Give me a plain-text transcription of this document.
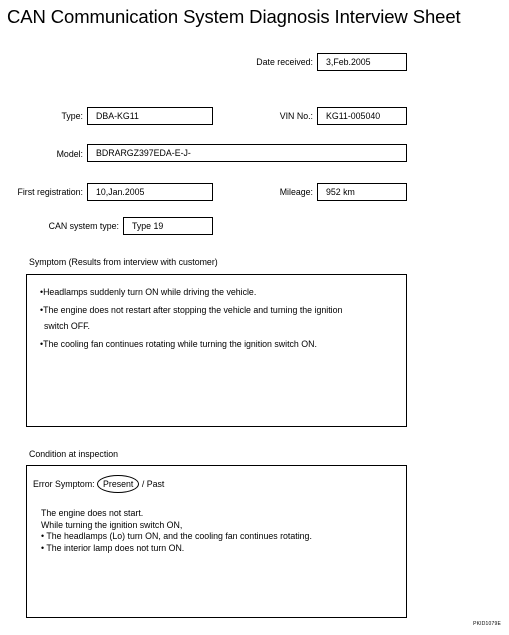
CAN Communication System Diagnosis Interview Sheet
Date received:	3,Feb.2005
Type:	DBA-KG11	VIN No.:	KG11-005040
Model:	BDRARGZ397EDA-E-J-
First registration:	10,Jan.2005	Mileage:	952 km
CAN system type:	Type 19
Symptom (Results from interview with customer)
•Headlamps suddenly turn ON while driving the vehicle.
•The engine does not restart after stopping the vehicle and turning the ignition
switch OFF.
•The cooling fan continues rotating while turning the ignition switch ON.
Condition at inspection
Error Symptom: Present / Past
The engine does not start.
While turning the ignition switch ON,
• The headlamps (Lo) turn ON, and the cooling fan continues rotating.
• The interior lamp does not turn ON.
PKID1079E
